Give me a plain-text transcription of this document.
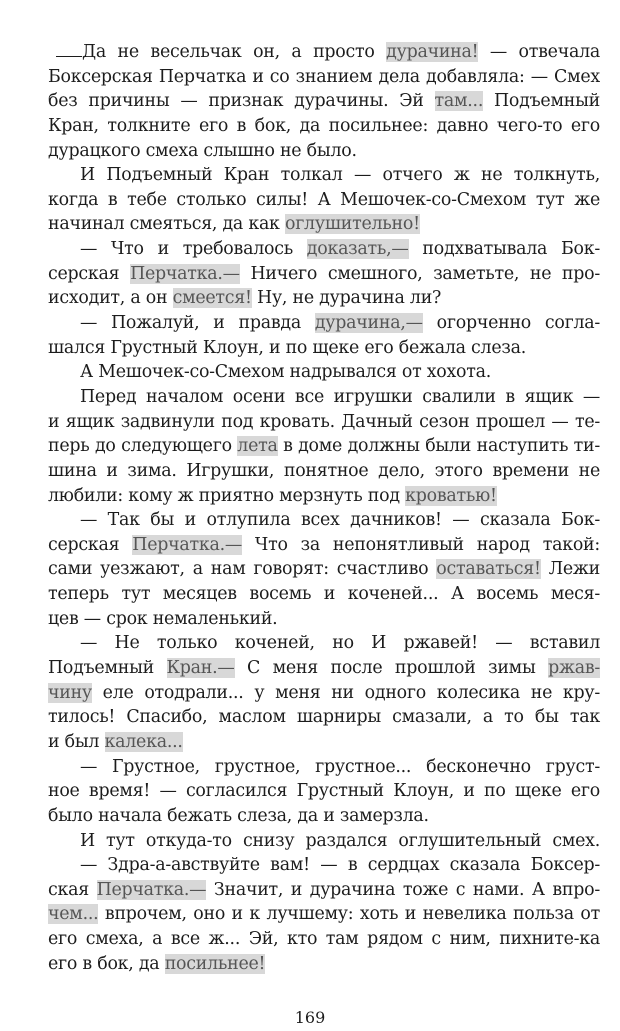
Да не весельчак он, а просто дурачина! — отвечала
Боксерская Перчатка и со знанием дела добавляла: — Смех
без причины — признак дурачины. Эй там... Подъемный
Кран, толкните его в бок, да посильнее: давно чего-то его
дурацкого смеха слышно не было.
И Подъемный Кран толкал — отчего ж не толкнуть,
когда в тебе столько силы! А Мешочек-со-Смехом тут же
начинал смеяться, да как оглушительно!
— Что и требовалось доказать,— подхватывала Бок-
серская Перчатка.— Ничего смешного, заметьте, не про-
исходит, а он смеется! Ну, не дурачина ли?
— Пожалуй, и правда дурачина,— огорченно согла-
шался Грустный Клоун, и по щеке его бежала слеза.
А Мешочек-со-Смехом надрывался от хохота.
Перед началом осени все игрушки свалили в ящик —
и ящик задвинули под кровать. Дачный сезон прошел — те-
перь до следующего лета в доме должны были наступить ти-
шина и зима. Игрушки, понятное дело, этого времени не
любили: кому ж приятно мерзнуть под кроватью!
— Так бы и отлупила всех дачников! — сказала Бок-
серская Перчатка.— Что за непонятливый народ такой:
сами уезжают, а нам говорят: счастливо оставаться! Лежи
теперь тут месяцев восемь и коченей... А восемь меся-
цев — срок немаленький.
— Не только коченей, но И ржавей! — вставил
Подъемный Кран.— С меня после прошлой зимы ржав-
чину еле отодрали... у меня ни одного колесика не кру-
тилось! Спасибо, маслом шарниры смазали, а то бы так
и был калека...
— Грустное, грустное, грустное... бесконечно груст-
ное время! — согласился Грустный Клоун, и по щеке его
было начала бежать слеза, да и замерзла.
И тут откуда-то снизу раздался оглушительный смех.
— Здра-а-авствуйте вам! — в сердцах сказала Боксер-
ская Перчатка.— Значит, и дурачина тоже с нами. А впро-
чем... впрочем, оно и к лучшему: хоть и невелика польза от
его смеха, а все ж... Эй, кто там рядом с ним, пихните-ка
его в бок, да посильнее!
169
